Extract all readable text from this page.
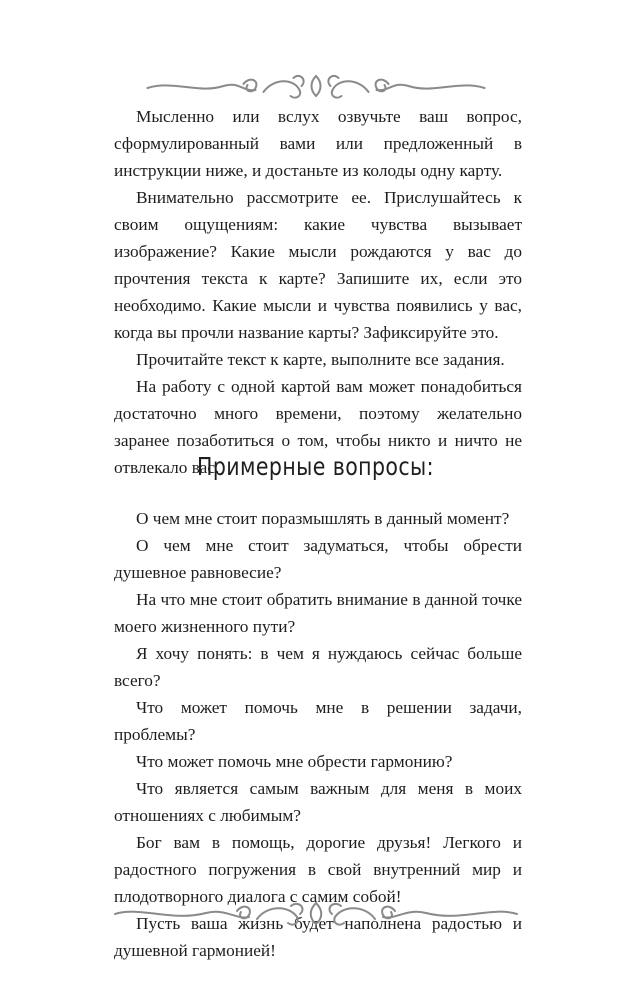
Мысленно или вслух озвучьте ваш вопрос, сформулированный вами или предложенный в инструкции ниже, и достаньте из колоды одну карту.

Внимательно рассмотрите ее. Прислушайтесь к своим ощущениям: какие чувства вызывает изображение? Какие мысли рождаются у вас до прочтения текста к карте? Запишите их, если это необходимо. Какие мысли и чувства появились у вас, когда вы прочли название карты? Зафиксируйте это.

Прочитайте текст к карте, выполните все задания.

На работу с одной картой вам может понадобиться достаточно много времени, поэтому желательно заранее позаботиться о том, чтобы никто и ничто не отвлекало вас.

Примерные вопросы:

О чем мне стоит поразмышлять в данный момент?

О чем мне стоит задуматься, чтобы обрести душевное равновесие?

На что мне стоит обратить внимание в данной точке моего жизненного пути?

Я хочу понять: в чем я нуждаюсь сейчас больше всего?

Что может помочь мне в решении задачи, проблемы?

Что может помочь мне обрести гармонию?

Что является самым важным для меня в моих отношениях с любимым?

Бог вам в помощь, дорогие друзья! Легкого и радостного погружения в свой внутренний мир и плодотворного диалога с самим собой!

Пусть ваша жизнь будет наполнена радостью и душевной гармонией!
